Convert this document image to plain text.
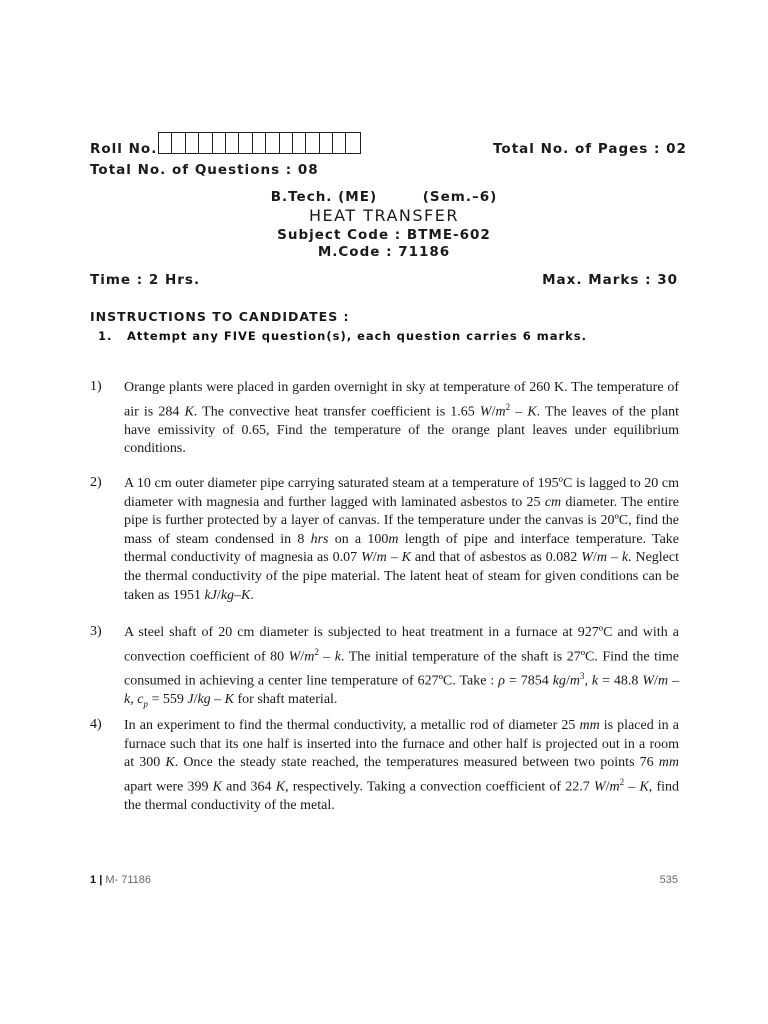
Roll No.	Total No. of Pages : 02
Total No. of Questions : 08
B.Tech. (ME)        (Sem.–6)
HEAT TRANSFER
Subject Code : BTME-602
M.Code : 71186
Time : 2 Hrs.	Max. Marks : 30
INSTRUCTIONS TO CANDIDATES :
1. Attempt any FIVE question(s), each question carries 6 marks.
1) Orange plants were placed in garden overnight in sky at temperature of 260 K. The temperature of air is 284 K. The convective heat transfer coefficient is 1.65 $W/m^2$ – K. The leaves of the plant have emissivity of 0.65, Find the temperature of the orange plant leaves under equilibrium conditions.
2) A 10 cm outer diameter pipe carrying saturated steam at a temperature of 195ºC is lagged to 20 cm diameter with magnesia and further lagged with laminated asbestos to 25 cm diameter. The entire pipe is further protected by a layer of canvas. If the temperature under the canvas is 20ºC, find the mass of steam condensed in 8 hrs on a 100m length of pipe and interface temperature. Take thermal conductivity of magnesia as 0.07 W/m – K and that of asbestos as 0.082 W/m – k. Neglect the thermal conductivity of the pipe material. The latent heat of steam for given conditions can be taken as 1951 kJ/kg–K.
3) A steel shaft of 20 cm diameter is subjected to heat treatment in a furnace at 927ºC and with a convection coefficient of 80 $W/m^2$ – k. The initial temperature of the shaft is 27ºC. Find the time consumed in achieving a center line temperature of 627ºC. Take : ρ = 7854 $kg/m^3$, k = 48.8 W/m – k, $c_p = 559$ J/kg – K for shaft material.
4) In an experiment to find the thermal conductivity, a metallic rod of diameter 25 mm is placed in a furnace such that its one half is inserted into the furnace and other half is projected out in a room at 300 K. Once the steady state reached, the temperatures measured between two points 76 mm apart were 399 K and 364 K, respectively. Taking a convection coefficient of 22.7 $W/m^2$ – K, find the thermal conductivity of the metal.
1 | M- 71186	535
